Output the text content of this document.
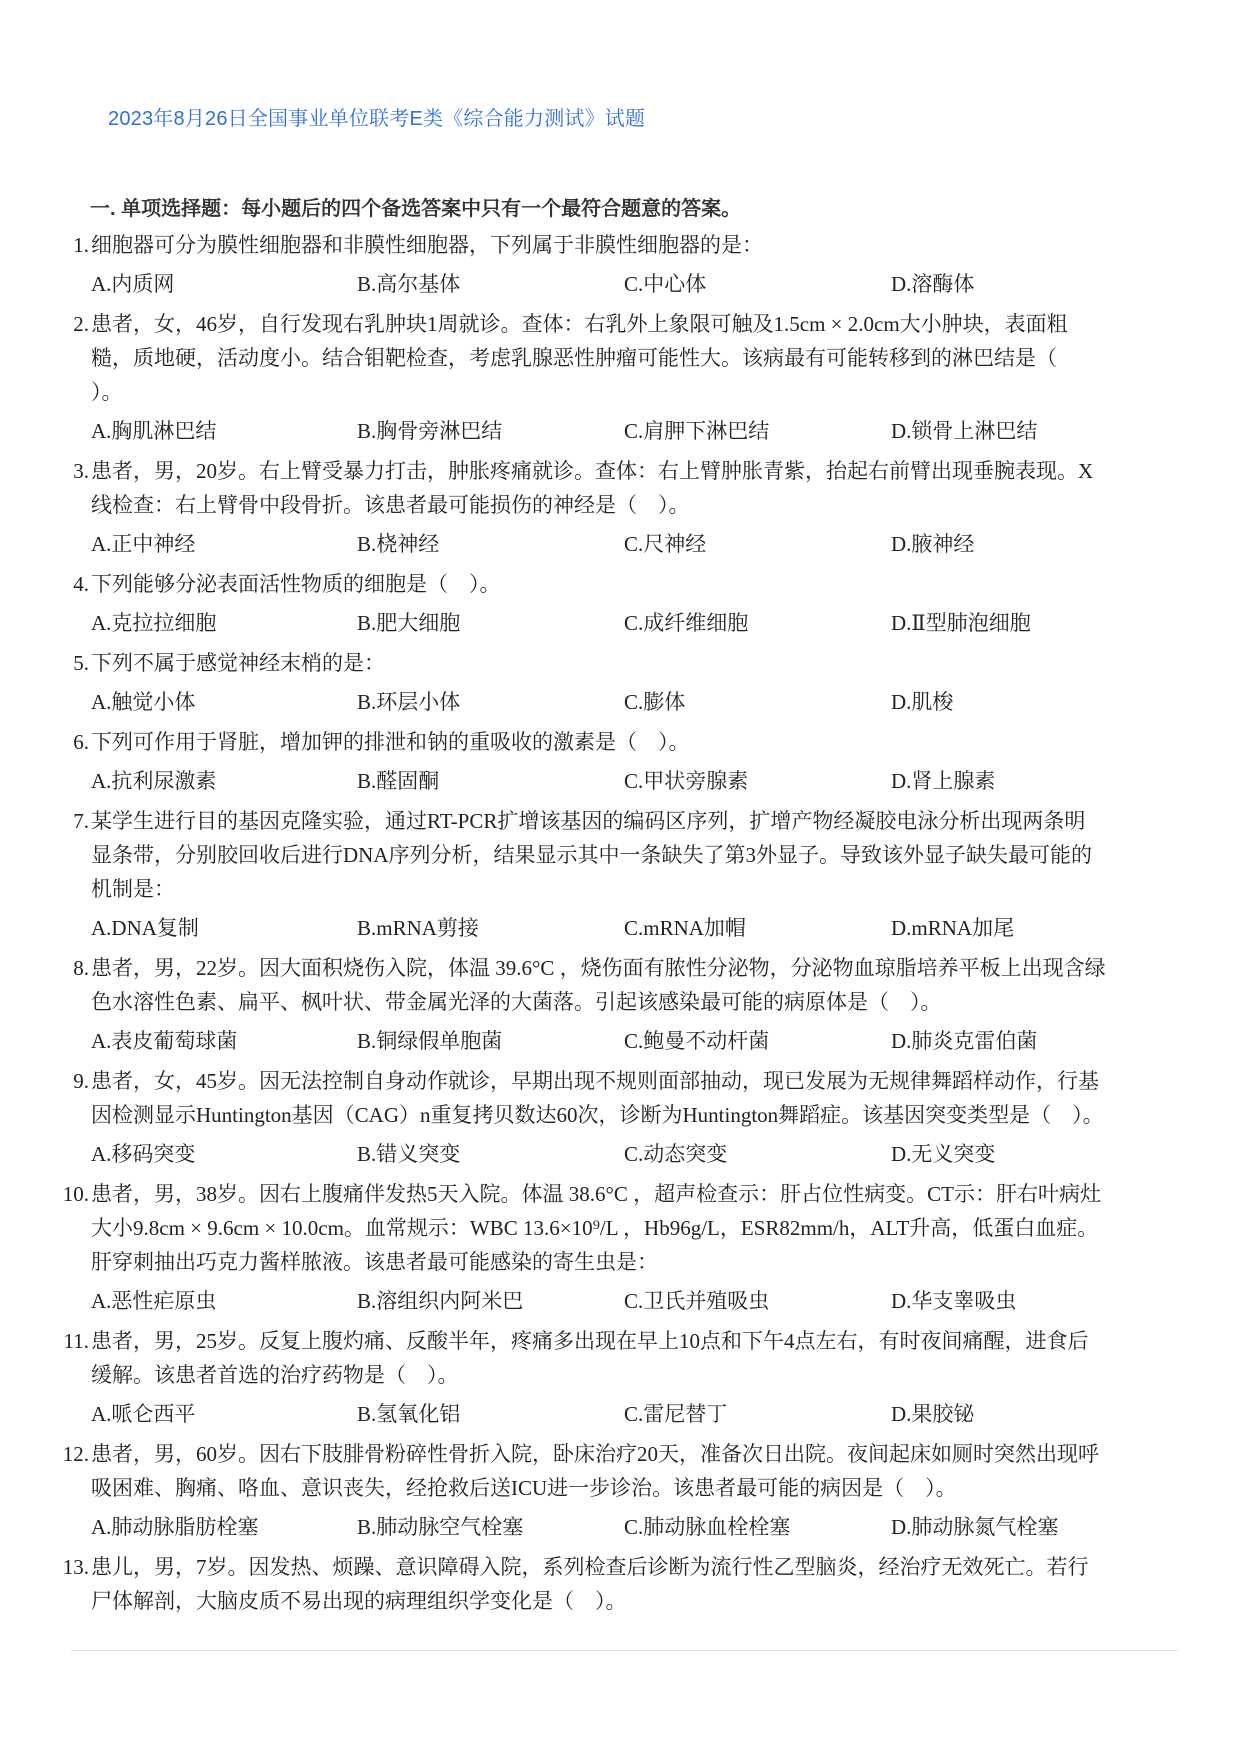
2023年8月26日全国事业单位联考E类《综合能力测试》试题
一. 单项选择题：每小题后的四个备选答案中只有一个最符合题意的答案。
1. 细胞器可分为膜性细胞器和非膜性细胞器，下列属于非膜性细胞器的是：
A.内质网	B.高尔基体	C.中心体	D.溶酶体
2. 患者，女，46岁，自行发现右乳肿块1周就诊。查体：右乳外上象限可触及1.5cm × 2.0cm大小肿块，表面粗
糙，质地硬，活动度小。结合钼靶检查，考虑乳腺恶性肿瘤可能性大。该病最有可能转移到的淋巴结是（
）。
A.胸肌淋巴结	B.胸骨旁淋巴结	C.肩胛下淋巴结	D.锁骨上淋巴结
3. 患者，男，20岁。右上臂受暴力打击，肿胀疼痛就诊。查体：右上臂肿胀青紫，抬起右前臂出现垂腕表现。X
线检查：右上臂骨中段骨折。该患者最可能损伤的神经是（　）。
A.正中神经	B.桡神经	C.尺神经	D.腋神经
4. 下列能够分泌表面活性物质的细胞是（　）。
A.克拉拉细胞	B.肥大细胞	C.成纤维细胞	D.Ⅱ型肺泡细胞
5. 下列不属于感觉神经末梢的是：
A.触觉小体	B.环层小体	C.膨体	D.肌梭
6. 下列可作用于肾脏，增加钾的排泄和钠的重吸收的激素是（　）。
A.抗利尿激素	B.醛固酮	C.甲状旁腺素	D.肾上腺素
7. 某学生进行目的基因克隆实验，通过RT-PCR扩增该基因的编码区序列，扩增产物经凝胶电泳分析出现两条明
显条带，分别胶回收后进行DNA序列分析，结果显示其中一条缺失了第3外显子。导致该外显子缺失最可能的
机制是：
A.DNA复制	B.mRNA剪接	C.mRNA加帽	D.mRNA加尾
8. 患者，男，22岁。因大面积烧伤入院，体温 39.6°C ，烧伤面有脓性分泌物，分泌物血琼脂培养平板上出现含绿
色水溶性色素、扁平、枫叶状、带金属光泽的大菌落。引起该感染最可能的病原体是（　）。
A.表皮葡萄球菌	B.铜绿假单胞菌	C.鲍曼不动杆菌	D.肺炎克雷伯菌
9. 患者，女，45岁。因无法控制自身动作就诊，早期出现不规则面部抽动，现已发展为无规律舞蹈样动作，行基
因检测显示Huntington基因（CAG）n重复拷贝数达60次，诊断为Huntington舞蹈症。该基因突变类型是（　）。
A.移码突变	B.错义突变	C.动态突变	D.无义突变
10. 患者，男，38岁。因右上腹痛伴发热5天入院。体温 38.6°C ，超声检查示：肝占位性病变。CT示：肝右叶病灶
大小9.8cm × 9.6cm × 10.0cm。血常规示：WBC 13.6×10⁹/L ，Hb96g/L，ESR82mm/h，ALT升高，低蛋白血症。
肝穿刺抽出巧克力酱样脓液。该患者最可能感染的寄生虫是：
A.恶性疟原虫	B.溶组织内阿米巴	C.卫氏并殖吸虫	D.华支睾吸虫
11. 患者，男，25岁。反复上腹灼痛、反酸半年，疼痛多出现在早上10点和下午4点左右，有时夜间痛醒，进食后
缓解。该患者首选的治疗药物是（　）。
A.哌仑西平	B.氢氧化铝	C.雷尼替丁	D.果胶铋
12. 患者，男，60岁。因右下肢腓骨粉碎性骨折入院，卧床治疗20天，准备次日出院。夜间起床如厕时突然出现呼
吸困难、胸痛、咯血、意识丧失，经抢救后送ICU进一步诊治。该患者最可能的病因是（　）。
A.肺动脉脂肪栓塞	B.肺动脉空气栓塞	C.肺动脉血栓栓塞	D.肺动脉氮气栓塞
13. 患儿，男，7岁。因发热、烦躁、意识障碍入院，系列检查后诊断为流行性乙型脑炎，经治疗无效死亡。若行
尸体解剖，大脑皮质不易出现的病理组织学变化是（　）。
